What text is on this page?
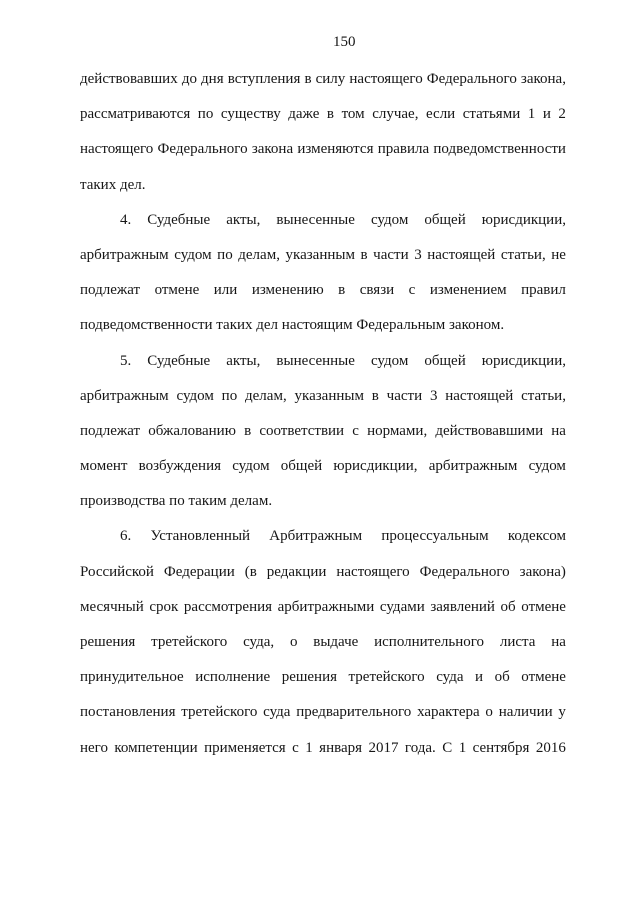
150
действовавших до дня вступления в силу настоящего Федерального закона,
рассматриваются по существу даже в том случае, если статьями 1 и 2
настоящего Федерального закона изменяются правила подведомственности
таких дел.
4. Судебные акты, вынесенные судом общей юрисдикции,
арбитражным судом по делам, указанным в части 3 настоящей статьи, не
подлежат отмене или изменению в связи с изменением правил
подведомственности таких дел настоящим Федеральным законом.
5. Судебные акты, вынесенные судом общей юрисдикции,
арбитражным судом по делам, указанным в части 3 настоящей статьи,
подлежат обжалованию в соответствии с нормами, действовавшими на
момент возбуждения судом общей юрисдикции, арбитражным судом
производства по таким делам.
6. Установленный Арбитражным процессуальным кодексом
Российской Федерации (в редакции настоящего Федерального закона)
месячный срок рассмотрения арбитражными судами заявлений об отмене
решения третейского суда, о выдаче исполнительного листа на
принудительное исполнение решения третейского суда и об отмене
постановления третейского суда предварительного характера о наличии у
него компетенции применяется с 1 января 2017 года. С 1 сентября 2016
